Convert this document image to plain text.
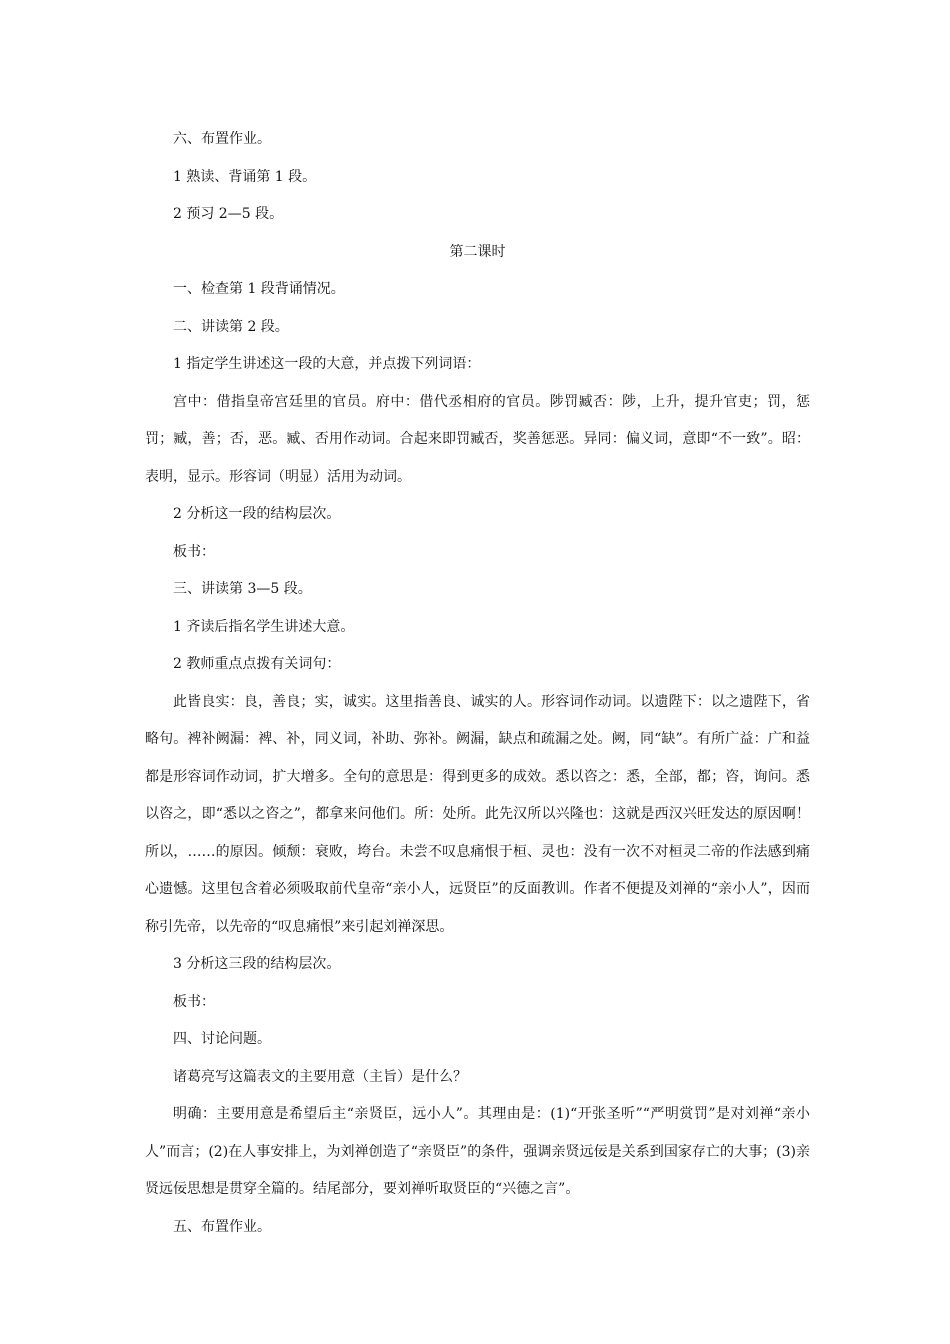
六、布置作业。

1 熟读、背诵第 1 段。

2 预习 2—5 段。

第二课时

一、检查第 1 段背诵情况。

二、讲读第 2 段。

1 指定学生讲述这一段的大意，并点拨下列词语：

宫中：借指皇帝宫廷里的官员。府中：借代丞相府的官员。陟罚臧否：陟，上升，提升官吏；罚，惩罚；臧，善；否，恶。臧、否用作动词。合起来即罚臧否，奖善惩恶。异同：偏义词，意即“不一致”。昭：表明，显示。形容词（明显）活用为动词。

2 分析这一段的结构层次。

板书：

三、讲读第 3—5 段。

1 齐读后指名学生讲述大意。

2 教师重点点拨有关词句：

此皆良实：良，善良；实，诚实。这里指善良、诚实的人。形容词作动词。以遗陛下：以之遗陛下，省略句。裨补阙漏：裨、补，同义词，补助、弥补。阙漏，缺点和疏漏之处。阙，同“缺”。有所广益：广和益都是形容词作动词，扩大增多。全句的意思是：得到更多的成效。悉以咨之：悉，全部，都；咨，询问。悉以咨之，即“悉以之咨之”，都拿来问他们。所：处所。此先汉所以兴隆也：这就是西汉兴旺发达的原因啊！所以，……的原因。倾颓：衰败，垮台。未尝不叹息痛恨于桓、灵也：没有一次不对桓灵二帝的作法感到痛心遗憾。这里包含着必须吸取前代皇帝“亲小人，远贤臣”的反面教训。作者不便提及刘禅的“亲小人”，因而称引先帝，以先帝的“叹息痛恨”来引起刘禅深思。

3 分析这三段的结构层次。

板书：

四、讨论问题。

诸葛亮写这篇表文的主要用意（主旨）是什么？

明确：主要用意是希望后主“亲贤臣，远小人”。其理由是：(1)“开张圣听”“严明赏罚”是对刘禅“亲小人”而言；(2)在人事安排上，为刘禅创造了“亲贤臣”的条件，强调亲贤远佞是关系到国家存亡的大事；(3)亲贤远佞思想是贯穿全篇的。结尾部分，要刘禅听取贤臣的“兴德之言”。

五、布置作业。
